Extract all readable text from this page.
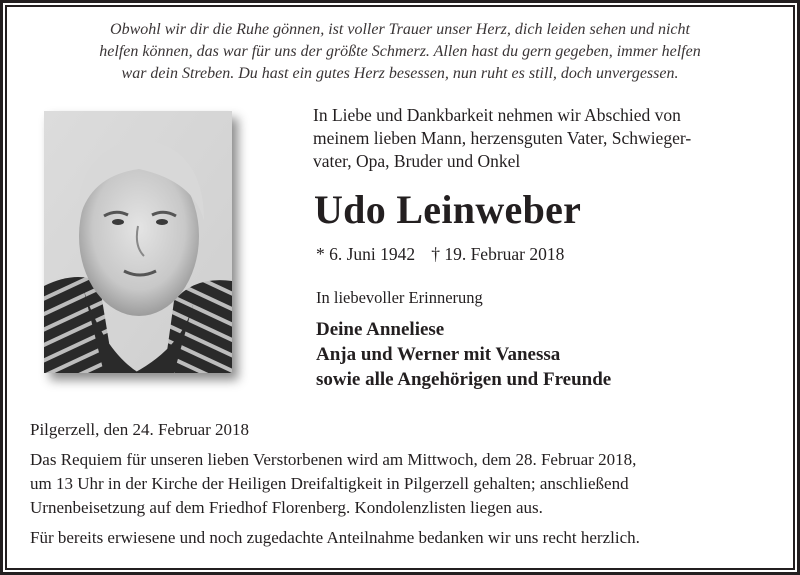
Obwohl wir dir die Ruhe gönnen, ist voller Trauer unser Herz, dich leiden sehen und nicht
helfen können, das war für uns der größte Schmerz. Allen hast du gern gegeben, immer helfen
war dein Streben. Du hast ein gutes Herz besessen, nun ruht es still, doch unvergessen.
In Liebe und Dankbarkeit nehmen wir Abschied von
meinem lieben Mann, herzensguten Vater, Schwieger-
vater, Opa, Bruder und Onkel
Udo Leinweber
* 6. Juni 1942 † 19. Februar 2018
In liebevoller Erinnerung
Deine Anneliese
Anja und Werner mit Vanessa
sowie alle Angehörigen und Freunde
Pilgerzell, den 24. Februar 2018
Das Requiem für unseren lieben Verstorbenen wird am Mittwoch, dem 28. Februar 2018,
um 13 Uhr in der Kirche der Heiligen Dreifaltigkeit in Pilgerzell gehalten; anschließend
Urnenbeisetzung auf dem Friedhof Florenberg. Kondolenzlisten liegen aus.
Für bereits erwiesene und noch zugedachte Anteilnahme bedanken wir uns recht herzlich.
